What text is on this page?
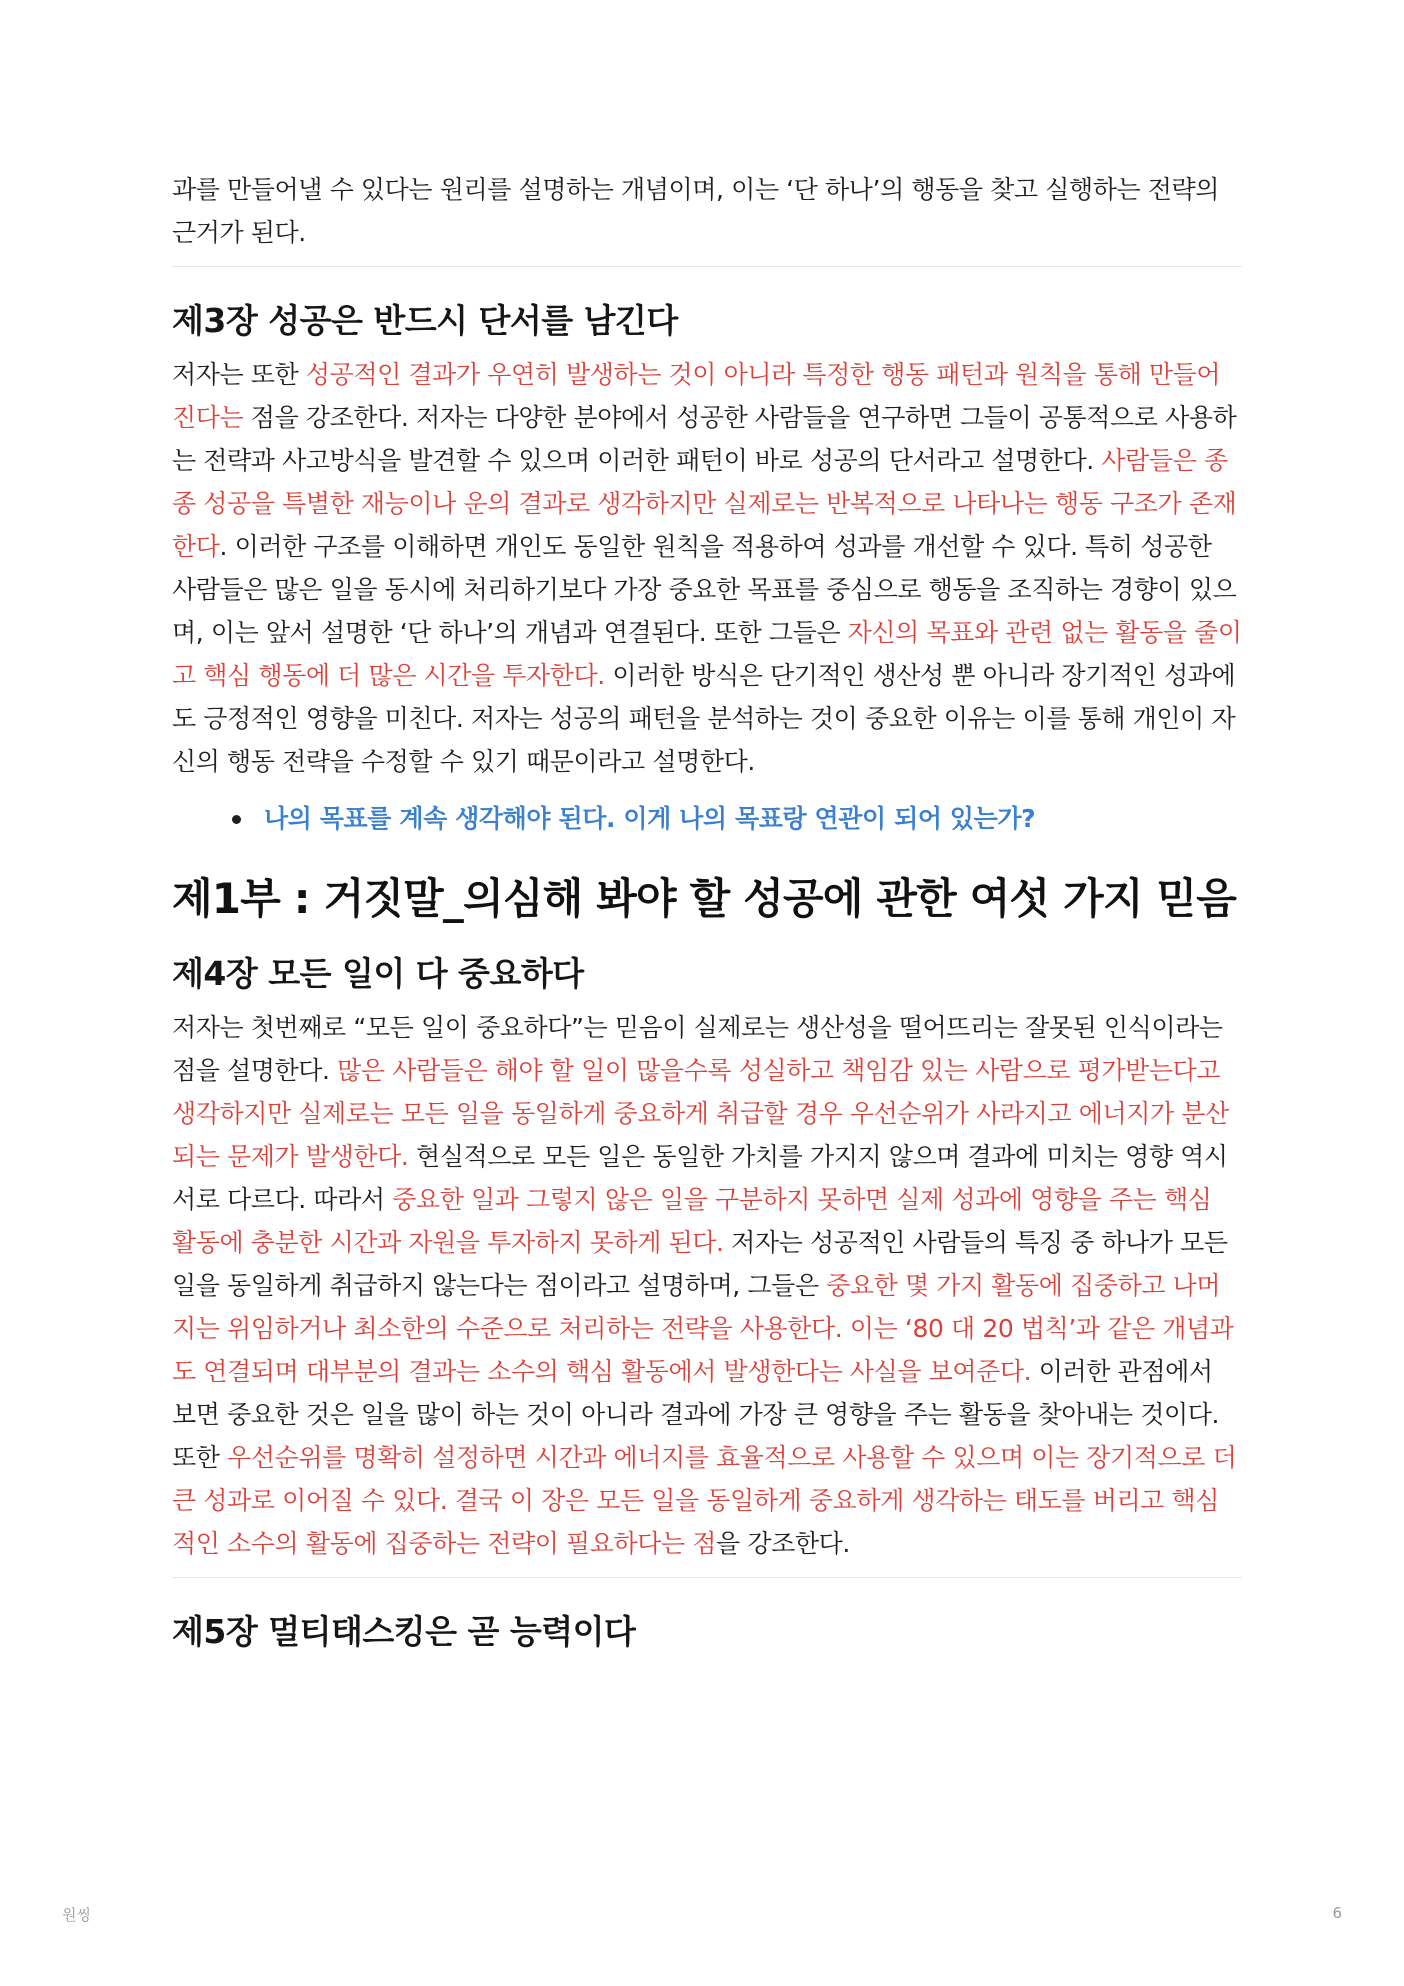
과를 만들어낼 수 있다는 원리를 설명하는 개념이며, 이는 ‘단 하나’의 행동을 찾고 실행하는 전략의 근거가 된다.

제3장 성공은 반드시 단서를 남긴다

저자는 또한 성공적인 결과가 우연히 발생하는 것이 아니라 특정한 행동 패턴과 원칙을 통해 만들어진다는 점을 강조한다. 저자는 다양한 분야에서 성공한 사람들을 연구하면 그들이 공통적으로 사용하는 전략과 사고방식을 발견할 수 있으며 이러한 패턴이 바로 성공의 단서라고 설명한다. 사람들은 종종 성공을 특별한 재능이나 운의 결과로 생각하지만 실제로는 반복적으로 나타나는 행동 구조가 존재한다. 이러한 구조를 이해하면 개인도 동일한 원칙을 적용하여 성과를 개선할 수 있다. 특히 성공한 사람들은 많은 일을 동시에 처리하기보다 가장 중요한 목표를 중심으로 행동을 조직하는 경향이 있으며, 이는 앞서 설명한 ‘단 하나’의 개념과 연결된다. 또한 그들은 자신의 목표와 관련 없는 활동을 줄이고 핵심 행동에 더 많은 시간을 투자한다. 이러한 방식은 단기적인 생산성 뿐 아니라 장기적인 성과에도 긍정적인 영향을 미친다. 저자는 성공의 패턴을 분석하는 것이 중요한 이유는 이를 통해 개인이 자신의 행동 전략을 수정할 수 있기 때문이라고 설명한다.

나의 목표를 계속 생각해야 된다. 이게 나의 목표랑 연관이 되어 있는가?
제1부 : 거짓말_의심해 봐야 할 성공에 관한 여섯 가지 믿음
제4장 모든 일이 다 중요하다

저자는 첫번째로 “모든 일이 중요하다”는 믿음이 실제로는 생산성을 떨어뜨리는 잘못된 인식이라는 점을 설명한다. 많은 사람들은 해야 할 일이 많을수록 성실하고 책임감 있는 사람으로 평가받는다고 생각하지만 실제로는 모든 일을 동일하게 중요하게 취급할 경우 우선순위가 사라지고 에너지가 분산되는 문제가 발생한다. 현실적으로 모든 일은 동일한 가치를 가지지 않으며 결과에 미치는 영향 역시 서로 다르다. 따라서 중요한 일과 그렇지 않은 일을 구분하지 못하면 실제 성과에 영향을 주는 핵심 활동에 충분한 시간과 자원을 투자하지 못하게 된다. 저자는 성공적인 사람들의 특징 중 하나가 모든 일을 동일하게 취급하지 않는다는 점이라고 설명하며, 그들은 중요한 몇 가지 활동에 집중하고 나머지는 위임하거나 최소한의 수준으로 처리하는 전략을 사용한다. 이는 ‘80 대 20 법칙’과 같은 개념과도 연결되며 대부분의 결과는 소수의 핵심 활동에서 발생한다는 사실을 보여준다. 이러한 관점에서 보면 중요한 것은 일을 많이 하는 것이 아니라 결과에 가장 큰 영향을 주는 활동을 찾아내는 것이다. 또한 우선순위를 명확히 설정하면 시간과 에너지를 효율적으로 사용할 수 있으며 이는 장기적으로 더 큰 성과로 이어질 수 있다. 결국 이 장은 모든 일을 동일하게 중요하게 생각하는 태도를 버리고 핵심적인 소수의 활동에 집중하는 전략이 필요하다는 점을 강조한다.

제5장 멀티태스킹은 곧 능력이다
원씽	6
